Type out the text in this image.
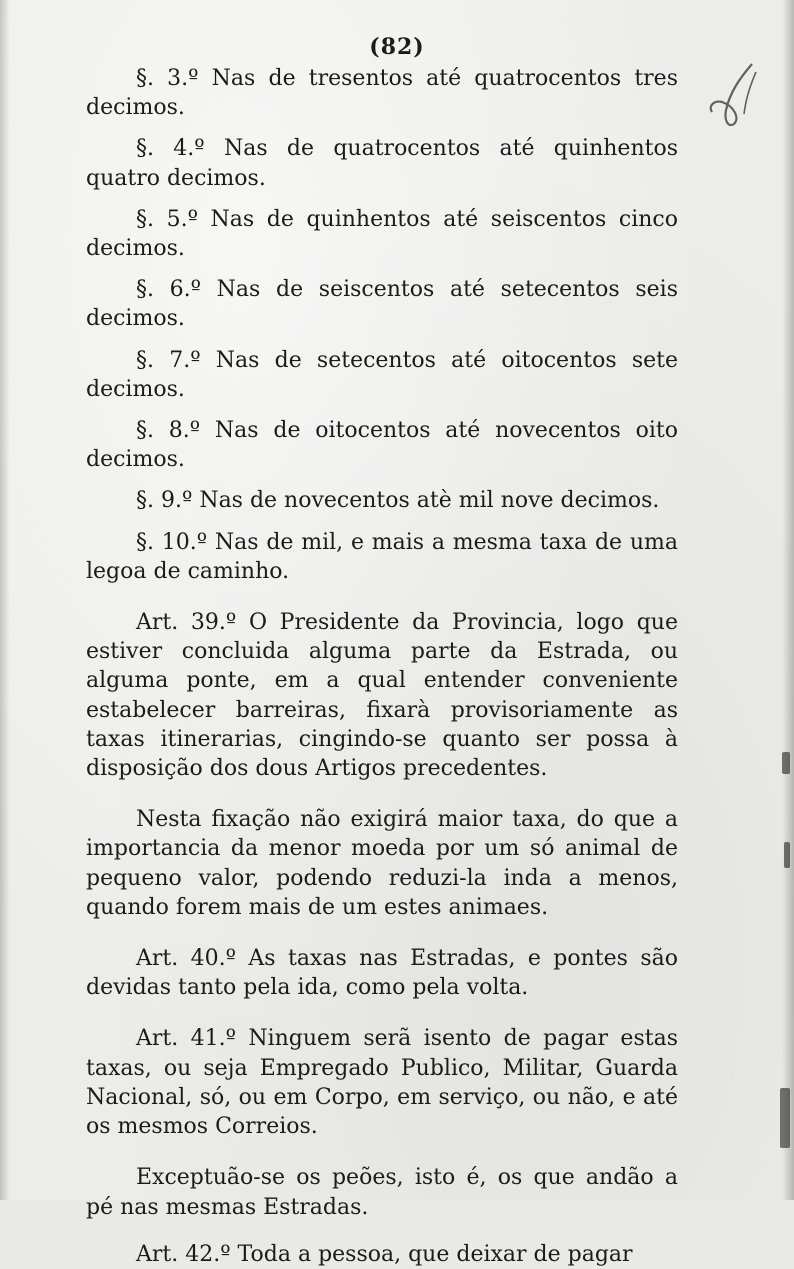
(82)

§. 3.º Nas de tresentos até quatrocentos tres decimos.

§. 4.º Nas de quatrocentos até quinhentos quatro decimos.

§. 5.º Nas de quinhentos até seiscentos cinco decimos.

§. 6.º Nas de seiscentos até setecentos seis decimos.

§. 7.º Nas de setecentos até oitocentos sete decimos.

§. 8.º Nas de oitocentos até novecentos oito decimos.

§. 9.º Nas de novecentos atè mil nove decimos.

§. 10.º Nas de mil, e mais a mesma taxa de uma legoa de caminho.

Art. 39.º O Presidente da Provincia, logo que estiver concluida alguma parte da Estrada, ou alguma ponte, em a qual entender conveniente estabelecer barreiras, fixarà provisoriamente as taxas itinerarias, cingindo-se quanto ser possa à disposição dos dous Artigos precedentes.

Nesta fixação não exigirá maior taxa, do que a importancia da menor moeda por um só animal de pequeno valor, podendo reduzi-la inda a menos, quando forem mais de um estes animaes.

Art. 40.º As taxas nas Estradas, e pontes são devidas tanto pela ida, como pela volta.

Art. 41.º Ninguem serã isento de pagar estas taxas, ou seja Empregado Publico, Militar, Guarda Nacional, só, ou em Corpo, em serviço, ou não, e até os mesmos Correios.

Exceptuão-se os peões, isto é, os que andão a pé nas mesmas Estradas.

Art. 42.º Toda a pessoa, que deixar de pagar
